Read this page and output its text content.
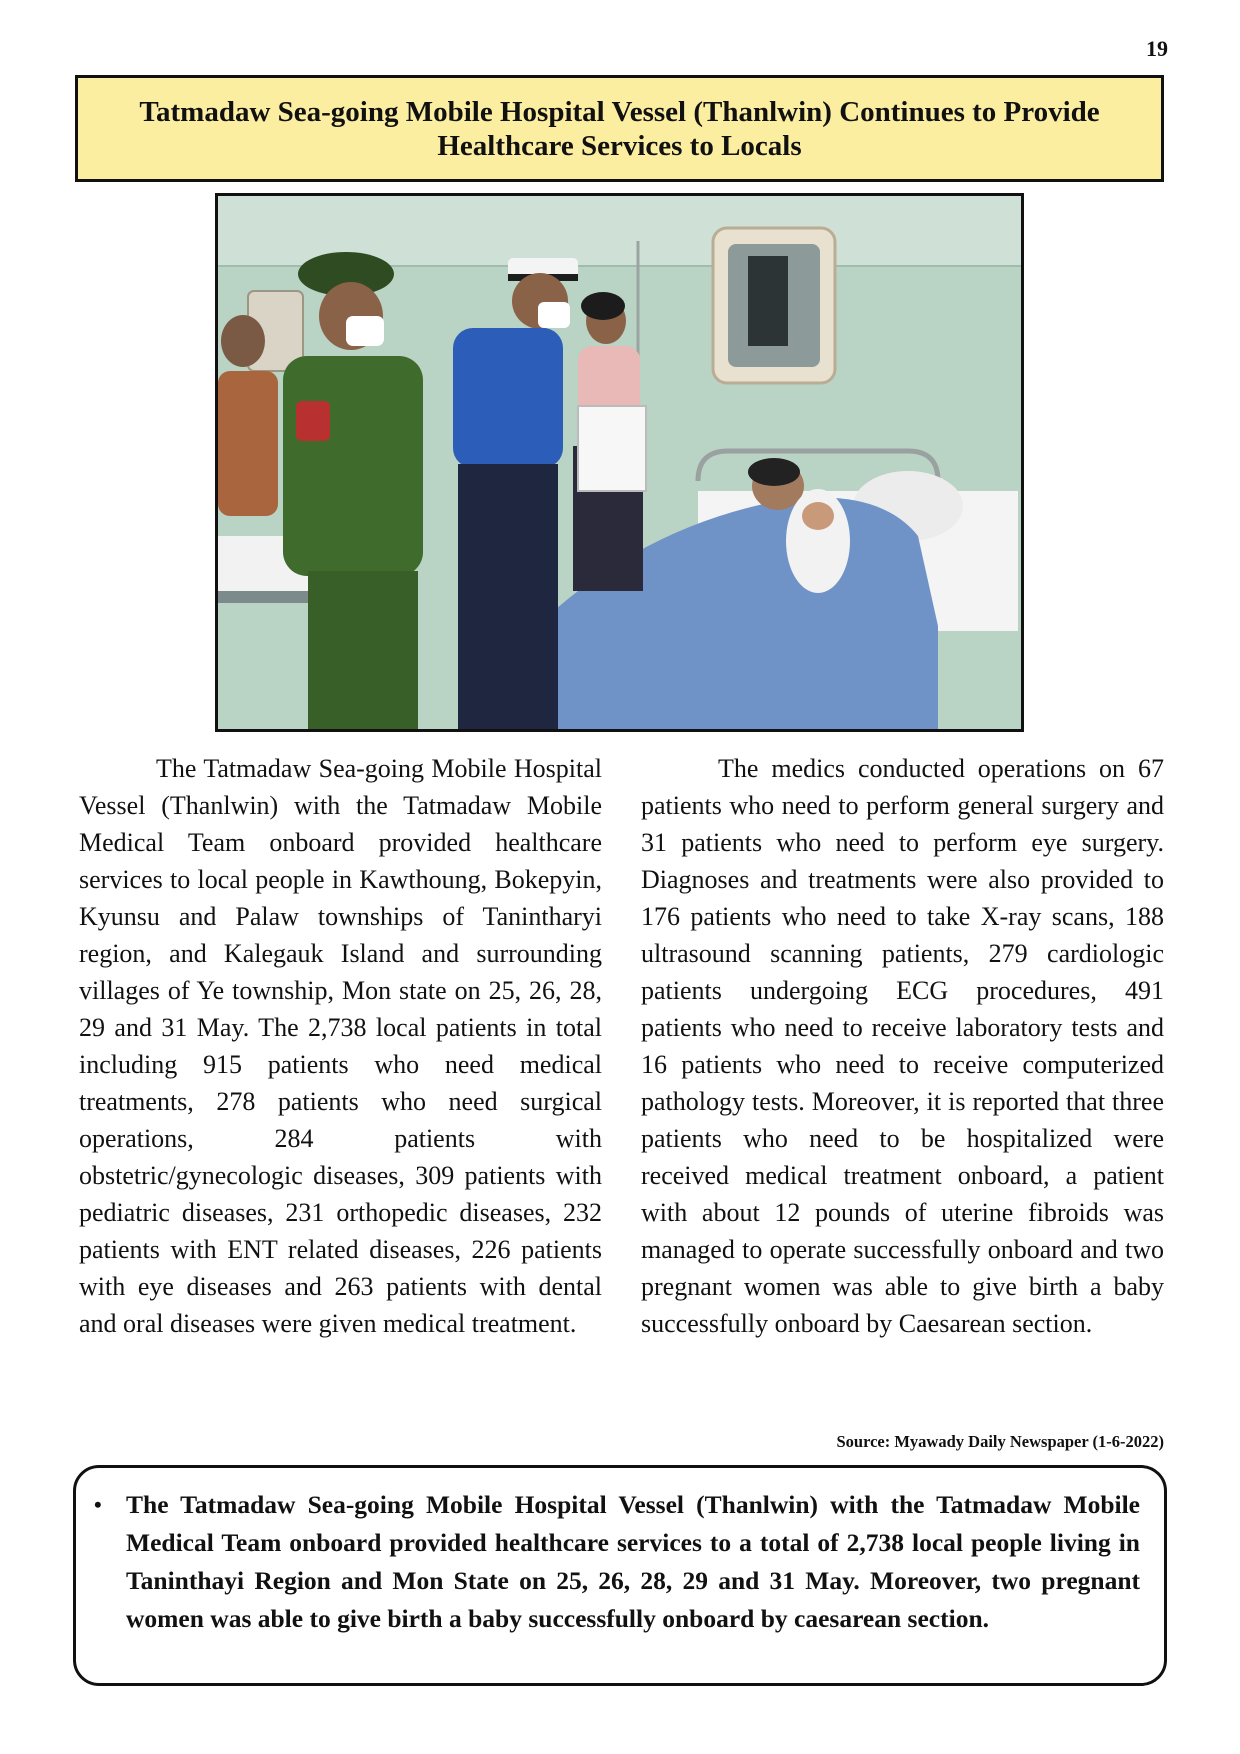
19
Tatmadaw Sea-going Mobile Hospital Vessel (Thanlwin) Continues to Provide Healthcare Services to Locals

The Tatmadaw Sea-going Mobile Hospital Vessel (Thanlwin) with the Tatmadaw Mobile Medical Team onboard provided healthcare services to local people in Kawthoung, Bokepyin, Kyunsu and Palaw townships of Tanintharyi region, and Kalegauk Island and surrounding villages of Ye township, Mon state on 25, 26, 28, 29 and 31 May. The 2,738 local patients in total including 915 patients who need medical treatments, 278 patients who need surgical operations, 284 patients with obstetric/gynecologic diseases, 309 patients with pediatric diseases, 231 orthopedic diseases, 232 patients with ENT related diseases, 226 patients with eye diseases and 263 patients with dental and oral diseases were given medical treatment.

The medics conducted operations on 67 patients who need to perform general surgery and 31 patients who need to perform eye surgery. Diagnoses and treatments were also provided to 176 patients who need to take X-ray scans, 188 ultrasound scanning patients, 279 cardiologic patients undergoing ECG procedures, 491 patients who need to receive laboratory tests and 16 patients who need to receive computerized pathology tests. Moreover, it is reported that three patients who need to be hospitalized were received medical treatment onboard, a patient with about 12 pounds of uterine fibroids was managed to operate successfully onboard and two pregnant women was able to give birth a baby successfully onboard by Caesarean section.

Source: Myawady Daily Newspaper (1-6-2022)
• The Tatmadaw Sea-going Mobile Hospital Vessel (Thanlwin) with the Tatmadaw Mobile Medical Team onboard provided healthcare services to a total of 2,738 local people living in Taninthayi Region and Mon State on 25, 26, 28, 29 and 31 May. Moreover, two pregnant women was able to give birth a baby successfully onboard by caesarean section.
